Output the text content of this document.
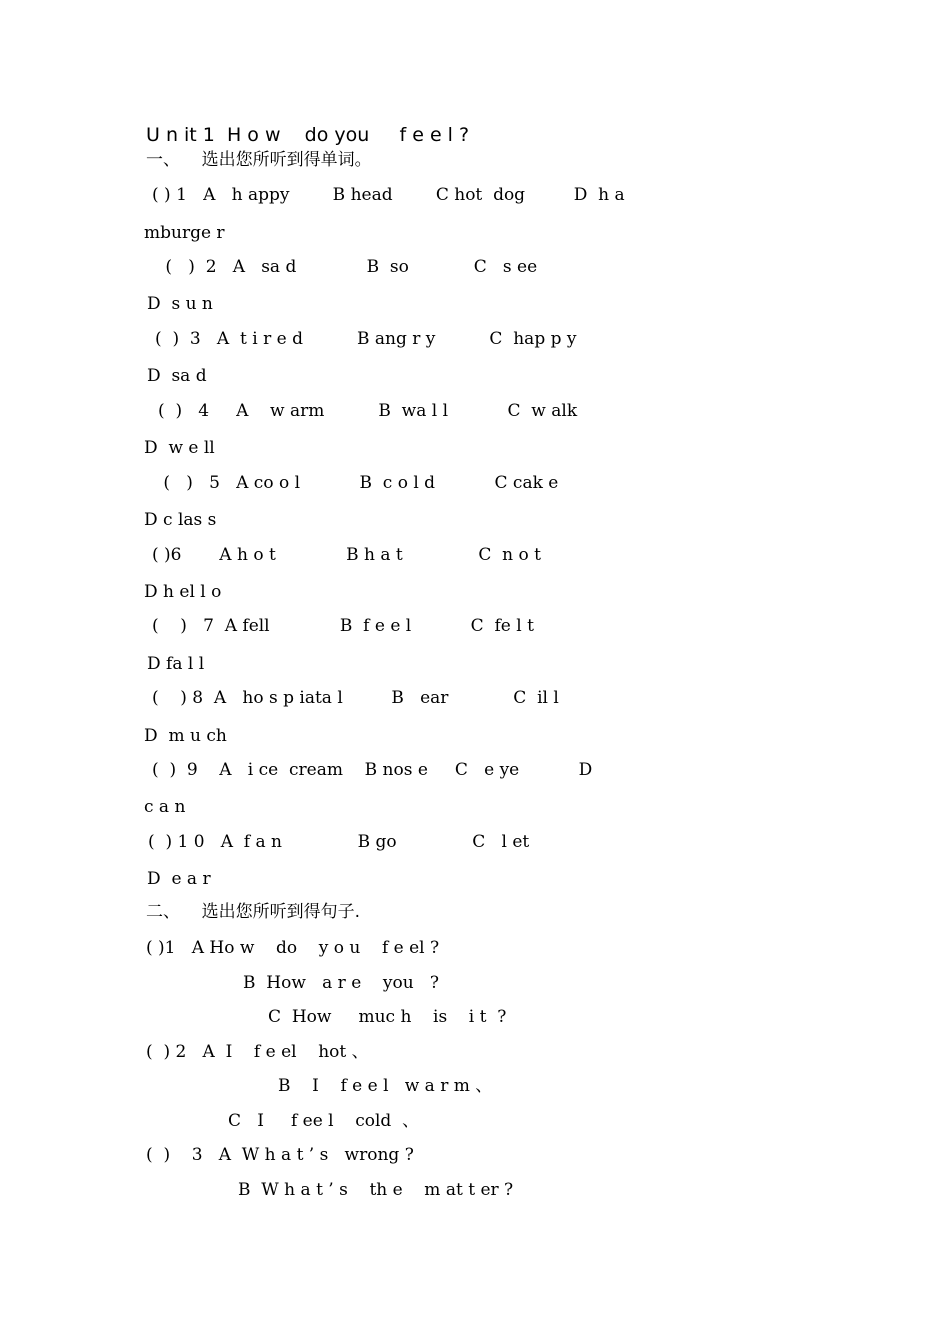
U n it 1  H o w    do you     f e e l ?
一、    选出您所听到得单词。
( ) 1   A   h appy        B head        C hot  dog         D  h a
mburge r
(   )  2   A   sa d             B  so            C   s ee
D  s u n
(  )  3   A  t i r e d          B ang r y          C  hap p y
D  sa d
(  )   4     A    w arm          B  wa l l           C  w alk
D  w e ll
(   )   5   A co o l           B  c o l d           C cak e
D c las s
( )6       A h o t             B h a t              C  n o t
D h el l o
(    )   7  A fell             B  f e e l           C  fe l t
D fa l l
(    ) 8  A   ho s p iata l         B   ear            C  il l
D  m u ch
(  )  9    A   i ce  cream    B nos e     C   e ye           D
c a n
(  ) 1 0   A  f a n              B go              C   l et
D  e a r
二、    选出您所听到得句子.
( )1   A Ho w    do    y o u    f e el ?
B  How   a r e    you   ?
C  How     muc h    is    i t  ?
(  ) 2   A  I    f e el    hot 、
B    I    f e e l   w a r m 、
C   I     f ee l    cold  、
(  )    3   A  W h a t ’ s   wrong ?
B  W h a t ’ s    th e    m at t er ?
